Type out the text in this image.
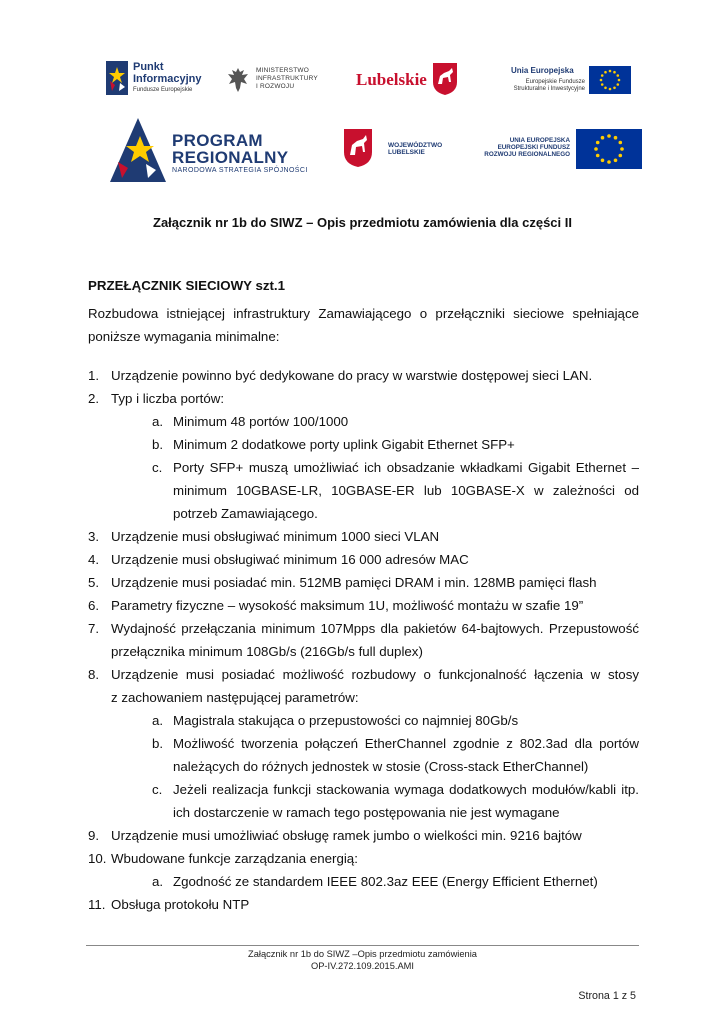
Punkt
Informacyjny
Fundusze Europejskie
MINISTERSTWO
INFRASTRUKTURY
I ROZWOJU	Lubelskie	Unia Europejska
Europejskie Fundusze
Strukturalne i Inwestycyjne
PROGRAM
REGIONALNY
NARODOWA STRATEGIA SPÓJNOŚCI
WOJEWÓDZTWO
LUBELSKIE
UNIA EUROPEJSKA
EUROPEJSKI FUNDUSZ
ROZWOJU REGIONALNEGO
Załącznik nr 1b do SIWZ – Opis przedmiotu zamówienia dla części II
PRZEŁĄCZNIK SIECIOWY szt.1
Rozbudowa istniejącej infrastruktury Zamawiającego o przełączniki sieciowe spełniające poniższe wymagania minimalne:
1. Urządzenie powinno być dedykowane do pracy w warstwie dostępowej sieci LAN.
2. Typ i liczba portów:
a. Minimum 48 portów 100/1000
b. Minimum 2 dodatkowe porty uplink Gigabit Ethernet SFP+
c. Porty SFP+ muszą umożliwiać ich obsadzanie wkładkami Gigabit Ethernet –
minimum 10GBASE-LR, 10GBASE-ER lub 10GBASE-X w zależności od
potrzeb Zamawiającego.
3. Urządzenie musi obsługiwać minimum 1000 sieci VLAN
4. Urządzenie musi obsługiwać minimum 16 000 adresów MAC
5. Urządzenie musi posiadać min. 512MB pamięci DRAM i min. 128MB pamięci flash
6. Parametry fizyczne – wysokość maksimum 1U, możliwość montażu w szafie 19”
7. Wydajność przełączania minimum 107Mpps dla pakietów 64-bajtowych. Przepustowość
przełącznika minimum 108Gb/s (216Gb/s full duplex)
8. Urządzenie musi posiadać możliwość rozbudowy o funkcjonalność łączenia w stosy
z zachowaniem następującej parametrów:
a. Magistrala stakująca o przepustowości co najmniej 80Gb/s
b. Możliwość tworzenia połączeń EtherChannel zgodnie z 802.3ad dla portów
należących do różnych jednostek w stosie (Cross-stack EtherChannel)
c. Jeżeli realizacja funkcji stackowania wymaga dodatkowych modułów/kabli itp.
ich dostarczenie w ramach tego postępowania nie jest wymagane
9. Urządzenie musi umożliwiać obsługę ramek jumbo o wielkości min. 9216 bajtów
10. Wbudowane funkcje zarządzania energią:
a. Zgodność ze standardem IEEE 802.3az EEE (Energy Efficient Ethernet)
11. Obsługa protokołu NTP
Załącznik nr 1b do SIWZ –Opis przedmiotu zamówienia
OP-IV.272.109.2015.AMI
Strona 1 z 5
